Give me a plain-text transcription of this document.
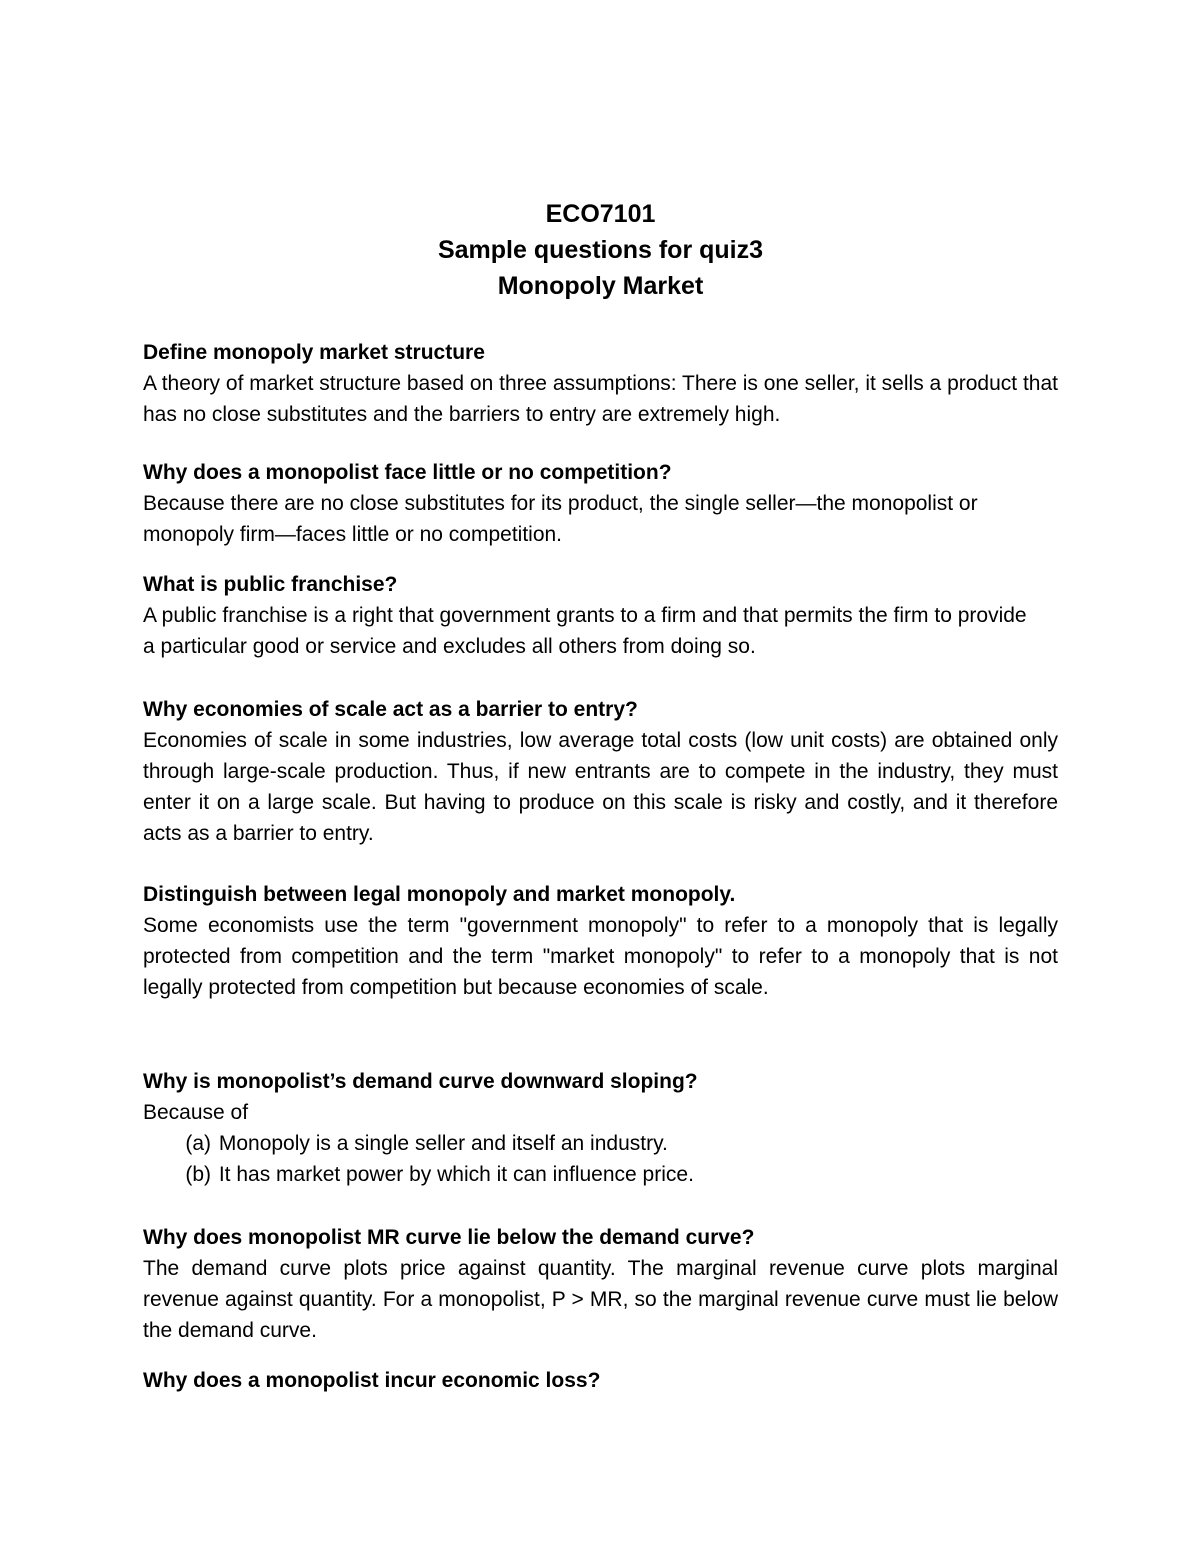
ECO7101
Sample questions for quiz3
Monopoly Market

Define monopoly market structure

A theory of market structure based on three assumptions: There is one seller, it sells a product that has no close substitutes and the barriers to entry are extremely high.

Why does a monopolist face little or no competition?

Because there are no close substitutes for its product, the single seller—the monopolist or monopoly firm—faces little or no competition.

What is public franchise?

A public franchise is a right that government grants to a firm and that permits the firm to provide a particular good or service and excludes all others from doing so.

Why economies of scale act as a barrier to entry?

Economies of scale in some industries, low average total costs (low unit costs) are obtained only through large-scale production. Thus, if new entrants are to compete in the industry, they must enter it on a large scale. But having to produce on this scale is risky and costly, and it therefore acts as a barrier to entry.

Distinguish between legal monopoly and market monopoly.

Some economists use the term "government monopoly" to refer to a monopoly that is legally protected from competition and the term "market monopoly" to refer to a monopoly that is not legally protected from competition but because economies of scale.

Why is monopolist’s demand curve downward sloping?

Because of

(a) Monopoly is a single seller and itself an industry.
(b) It has market power by which it can influence price.

Why does monopolist MR curve lie below the demand curve?

The demand curve plots price against quantity. The marginal revenue curve plots marginal revenue against quantity. For a monopolist, P > MR, so the marginal revenue curve must lie below the demand curve.

Why does a monopolist incur economic loss?
